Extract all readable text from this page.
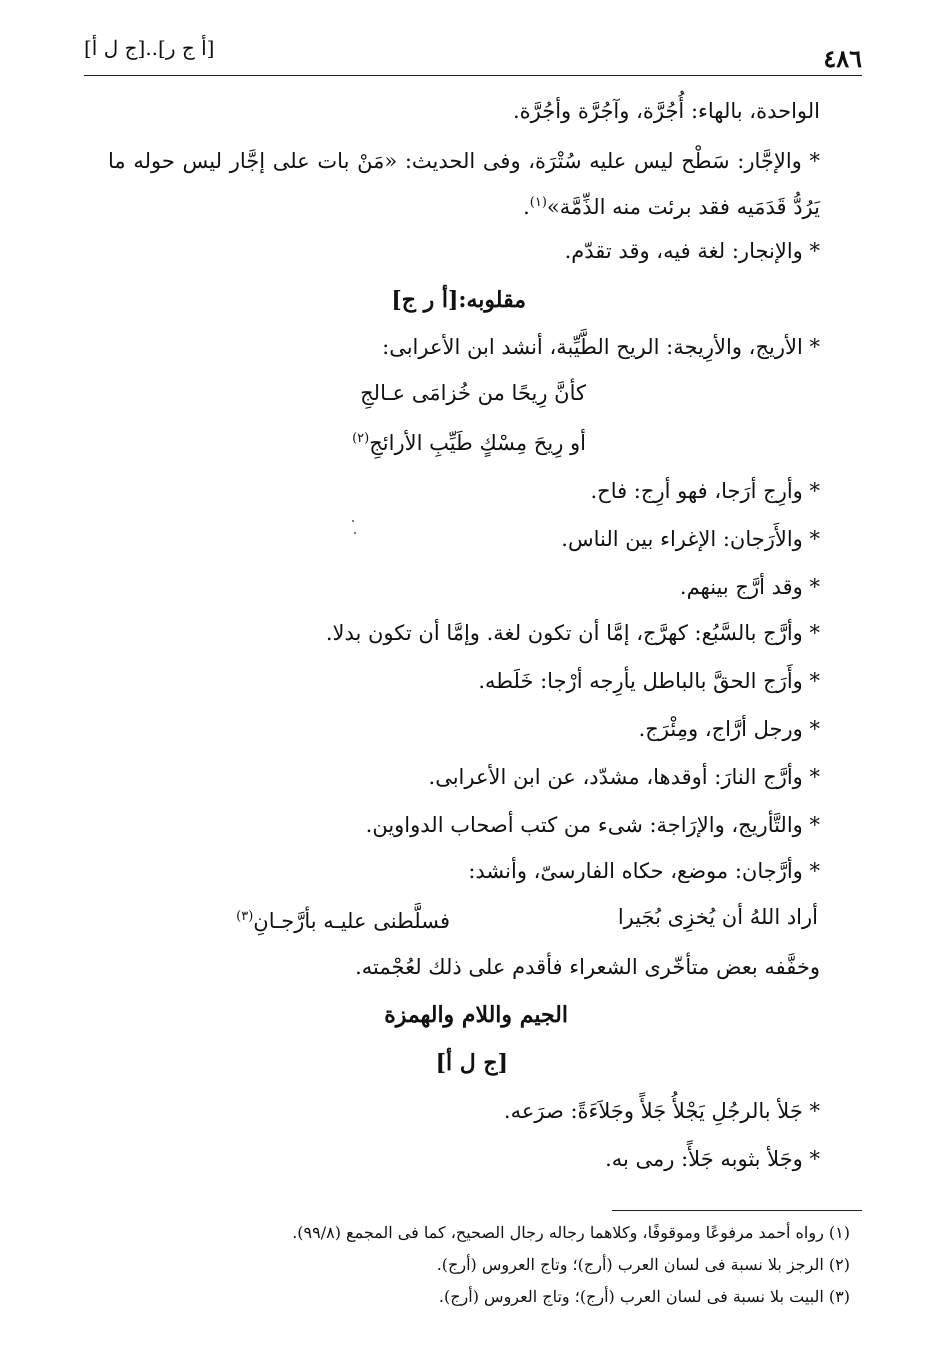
٤٨٦
[أ ج ر]..[ج ل أ]
الواحدة، بالهاء: أُجُرَّة، وآجُرَّة وأجُرَّة.
* والإجَّار: سَطْح ليس عليه سُتْرَة، وفى الحديث: «مَنْ بات على إجَّار ليس حوله ما
يَرُدُّ قَدَمَيه فقد برئت منه الذِّمَّة»$^{(١)}$.
* والإنجار: لغة فيه، وقد تقدّم.
مقلوبه:[أ ر ج]
* الأريج، والأرِيجة: الريح الطَّيِّبة، أنشد ابن الأعرابى:
كأنَّ رِيحًا من خُزامَى عـالجِ
أو رِيحَ مِسْكٍ طَيِّبِ الأرائجِ$^{(٢)}$
* وأرِج أرَجا، فهو أرِج: فاح.
* والأَرَجان: الإغراء بين الناس.
* وقد أرَّج بينهم.
* وأرَّج بالسَّبُع: كهرَّج، إمَّا أن تكون لغة. وإمَّا أن تكون بدلا.
* وأَرَج الحقَّ بالباطل يأرِجه أرْجا: خَلَطه.
* ورجل أرَّاج، ومِئْرَج.
* وأرَّج النارَ: أوقدها، مشدّد، عن ابن الأعرابى.
* والتَّأريج، والإرَاجة: شىء من كتب أصحاب الدواوين.
* وأرَّجان: موضع، حكاه الفارسىّ، وأنشد:
أراد اللهُ أن يُخزِى بُجَيرا
فسلَّطنى عليـه بأرَّجـانِ$^{(٣)}$
وخفَّفه بعض متأخّرى الشعراء فأقدم على ذلك لعُجْمته.
الجيم واللام والهمزة
[ج ل أ]
* جَلأ بالرجُلِ يَجْلأُ جَلأً وجَلاَءَةً: صرَعه.
* وجَلأ بثوبه جَلأً: رمى به.
(١) رواه أحمد مرفوعًا وموقوفًا، وكلاهما رجاله رجال الصحيح، كما فى المجمع (٩٩/٨).
(٢) الرجز بلا نسبة فى لسان العرب (أرج)؛ وتاج العروس (أرج).
(٣) البيت بلا نسبة فى لسان العرب (أرج)؛ وتاج العروس (أرج).
